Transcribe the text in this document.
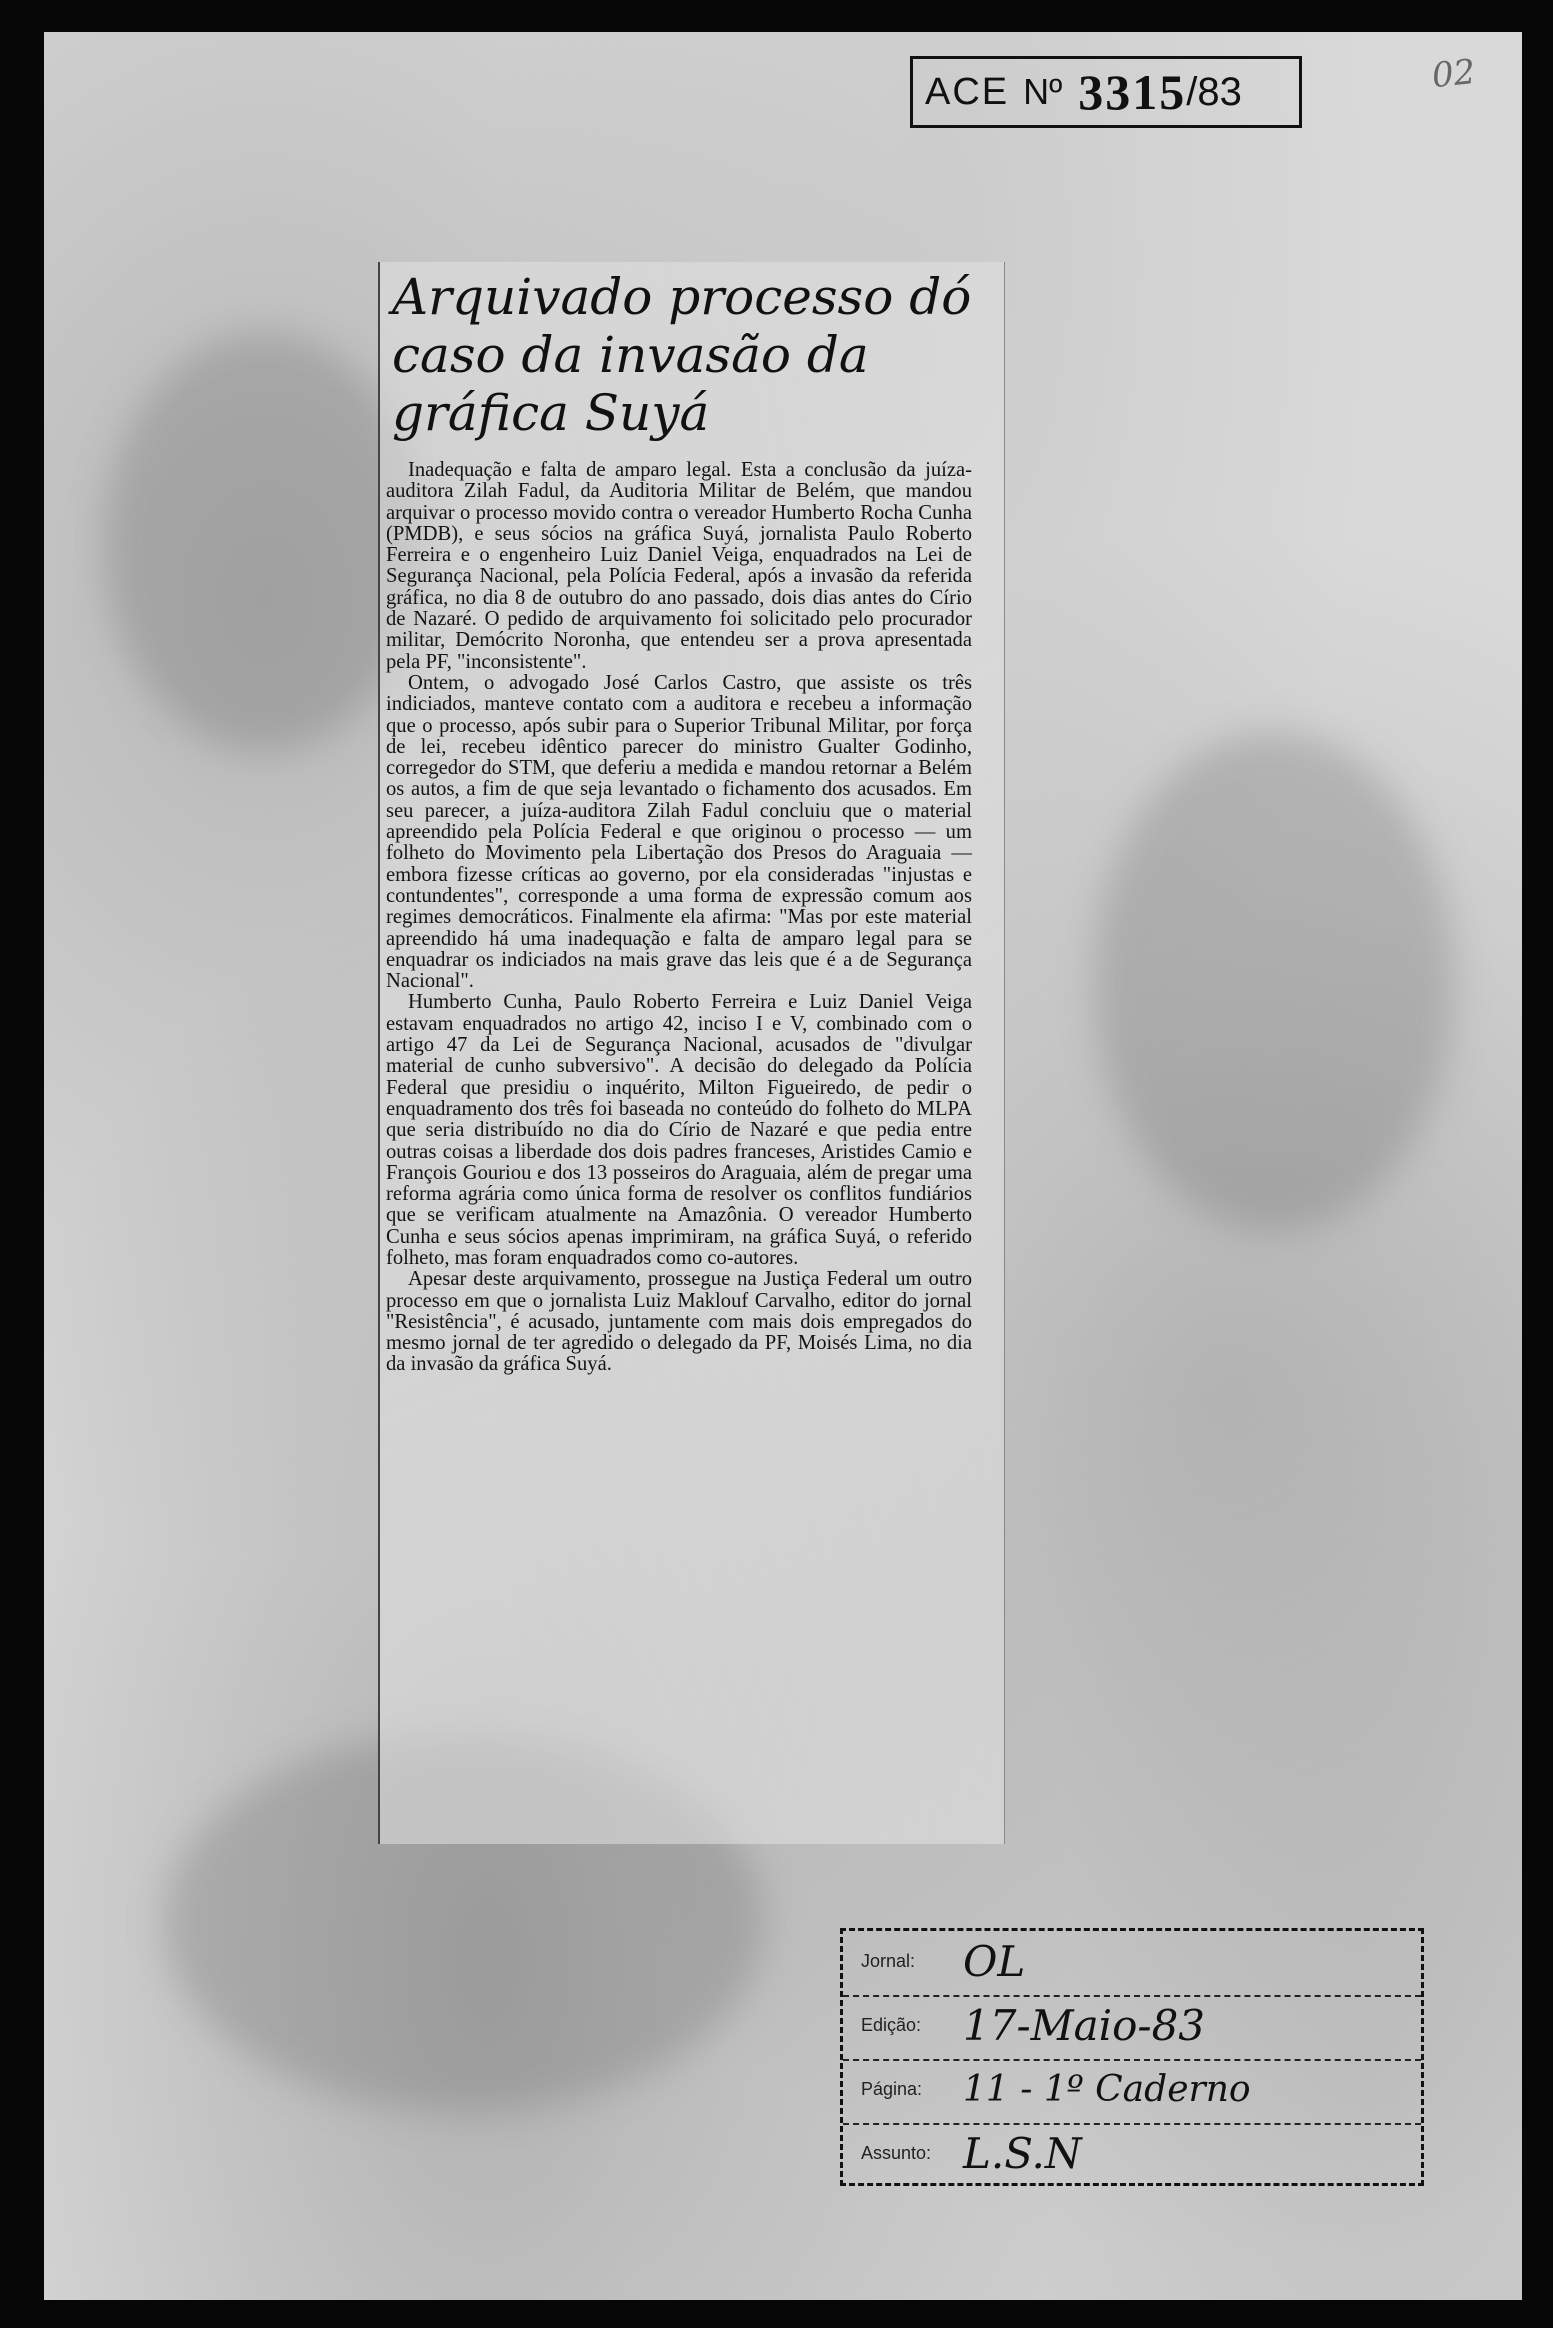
02
ACE Nº 3315 /83
Arquivado processo dó caso da invasão da gráfica Suyá

Inadequação e falta de amparo legal. Esta a conclusão da juíza-auditora Zilah Fadul, da Auditoria Militar de Belém, que mandou arquivar o processo movido contra o vereador Humberto Rocha Cunha (PMDB), e seus sócios na gráfica Suyá, jornalista Paulo Roberto Ferreira e o engenheiro Luiz Daniel Veiga, enquadrados na Lei de Segurança Nacional, pela Polícia Federal, após a invasão da referida gráfica, no dia 8 de outubro do ano passado, dois dias antes do Círio de Nazaré. O pedido de arquivamento foi solicitado pelo procurador militar, Demócrito Noronha, que entendeu ser a prova apresentada pela PF, "inconsistente".

Ontem, o advogado José Carlos Castro, que assiste os três indiciados, manteve contato com a auditora e recebeu a informação que o processo, após subir para o Superior Tribunal Militar, por força de lei, recebeu idêntico parecer do ministro Gualter Godinho, corregedor do STM, que deferiu a medida e mandou retornar a Belém os autos, a fim de que seja levantado o fichamento dos acusados. Em seu parecer, a juíza-auditora Zilah Fadul concluiu que o material apreendido pela Polícia Federal e que originou o processo — um folheto do Movimento pela Libertação dos Presos do Araguaia — embora fizesse críticas ao governo, por ela consideradas "injustas e contundentes", corresponde a uma forma de expressão comum aos regimes democráticos. Finalmente ela afirma: "Mas por este material apreendido há uma inadequação e falta de amparo legal para se enquadrar os indiciados na mais grave das leis que é a de Segurança Nacional".

Humberto Cunha, Paulo Roberto Ferreira e Luiz Daniel Veiga estavam enquadrados no artigo 42, inciso I e V, combinado com o artigo 47 da Lei de Segurança Nacional, acusados de "divulgar material de cunho subversivo". A decisão do delegado da Polícia Federal que presidiu o inquérito, Milton Figueiredo, de pedir o enquadramento dos três foi baseada no conteúdo do folheto do MLPA que seria distribuído no dia do Círio de Nazaré e que pedia entre outras coisas a liberdade dos dois padres franceses, Aristides Camio e François Gouriou e dos 13 posseiros do Araguaia, além de pregar uma reforma agrária como única forma de resolver os conflitos fundiários que se verificam atualmente na Amazônia. O vereador Humberto Cunha e seus sócios apenas imprimiram, na gráfica Suyá, o referido folheto, mas foram enquadrados como co-autores.

Apesar deste arquivamento, prossegue na Justiça Federal um outro processo em que o jornalista Luiz Maklouf Carvalho, editor do jornal "Resistência", é acusado, juntamente com mais dois empregados do mesmo jornal de ter agredido o delegado da PF, Moisés Lima, no dia da invasão da gráfica Suyá.

Jornal: OL
Edição: 17-Maio-83
Página: 11 - 1º Caderno
Assunto: L.S.N
